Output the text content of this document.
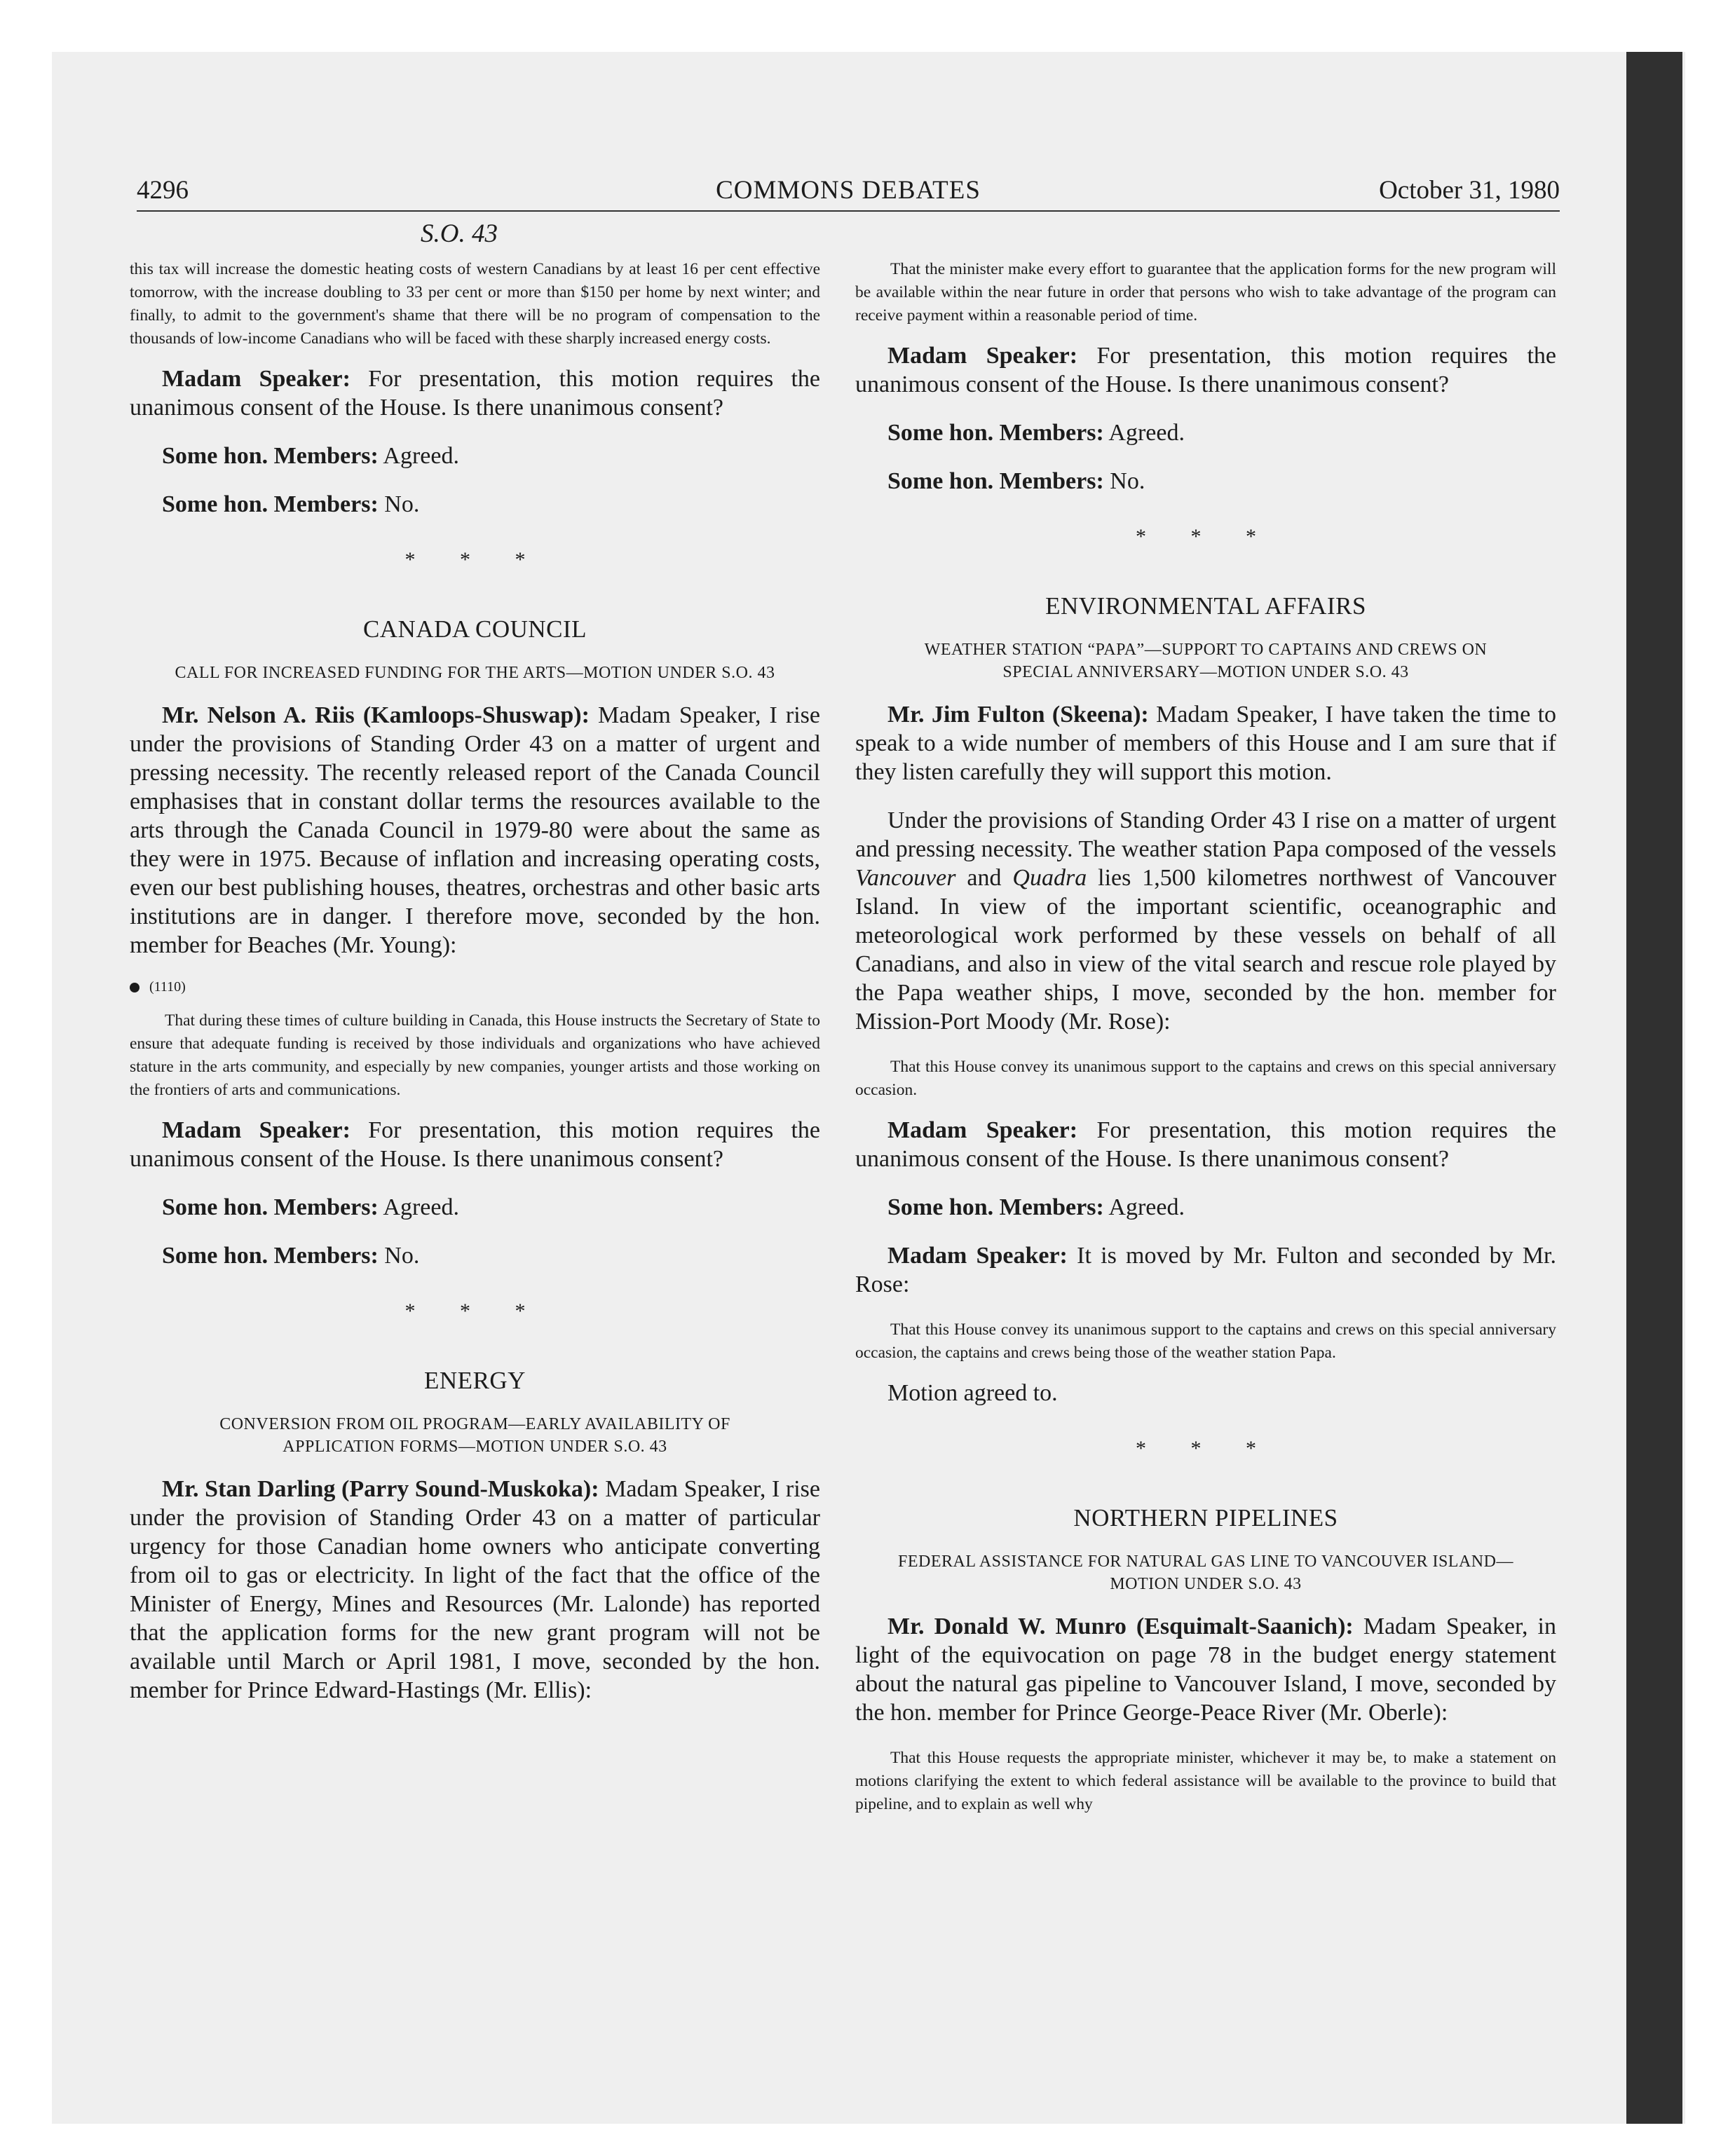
4296	COMMONS DEBATES	October 31, 1980
S.O. 43

this tax will increase the domestic heating costs of western Canadians by at least 16 per cent effective tomorrow, with the increase doubling to 33 per cent or more than $150 per home by next winter; and finally, to admit to the government's shame that there will be no program of compensation to the thousands of low-income Canadians who will be faced with these sharply increased energy costs.

Madam Speaker: For presentation, this motion requires the unanimous consent of the House. Is there unanimous consent?

Some hon. Members: Agreed.

Some hon. Members: No.

* * *
CANADA COUNCIL
CALL FOR INCREASED FUNDING FOR THE ARTS—MOTION UNDER S.O. 43

Mr. Nelson A. Riis (Kamloops-Shuswap): Madam Speaker, I rise under the provisions of Standing Order 43 on a matter of urgent and pressing necessity. The recently released report of the Canada Council emphasises that in constant dollar terms the resources available to the arts through the Canada Council in 1979-80 were about the same as they were in 1975. Because of inflation and increasing operating costs, even our best publishing houses, theatres, orchestras and other basic arts institutions are in danger. I therefore move, seconded by the hon. member for Beaches (Mr. Young):

(1110)

That during these times of culture building in Canada, this House instructs the Secretary of State to ensure that adequate funding is received by those individuals and organizations who have achieved stature in the arts community, and especially by new companies, younger artists and those working on the frontiers of arts and communications.

Madam Speaker: For presentation, this motion requires the unanimous consent of the House. Is there unanimous consent?

Some hon. Members: Agreed.

Some hon. Members: No.

* * *
ENERGY
CONVERSION FROM OIL PROGRAM—EARLY AVAILABILITY OF APPLICATION FORMS—MOTION UNDER S.O. 43

Mr. Stan Darling (Parry Sound-Muskoka): Madam Speaker, I rise under the provision of Standing Order 43 on a matter of particular urgency for those Canadian home owners who anticipate converting from oil to gas or electricity. In light of the fact that the office of the Minister of Energy, Mines and Resources (Mr. Lalonde) has reported that the application forms for the new grant program will not be available until March or April 1981, I move, seconded by the hon. member for Prince Edward-Hastings (Mr. Ellis):

That the minister make every effort to guarantee that the application forms for the new program will be available within the near future in order that persons who wish to take advantage of the program can receive payment within a reasonable period of time.

Madam Speaker: For presentation, this motion requires the unanimous consent of the House. Is there unanimous consent?

Some hon. Members: Agreed.

Some hon. Members: No.

* * *
ENVIRONMENTAL AFFAIRS
WEATHER STATION “PAPA”—SUPPORT TO CAPTAINS AND CREWS ON SPECIAL ANNIVERSARY—MOTION UNDER S.O. 43

Mr. Jim Fulton (Skeena): Madam Speaker, I have taken the time to speak to a wide number of members of this House and I am sure that if they listen carefully they will support this motion.

Under the provisions of Standing Order 43 I rise on a matter of urgent and pressing necessity. The weather station Papa composed of the vessels Vancouver and Quadra lies 1,500 kilometres northwest of Vancouver Island. In view of the important scientific, oceanographic and meteorological work performed by these vessels on behalf of all Canadians, and also in view of the vital search and rescue role played by the Papa weather ships, I move, seconded by the hon. member for Mission-Port Moody (Mr. Rose):

That this House convey its unanimous support to the captains and crews on this special anniversary occasion.

Madam Speaker: For presentation, this motion requires the unanimous consent of the House. Is there unanimous consent?

Some hon. Members: Agreed.

Madam Speaker: It is moved by Mr. Fulton and seconded by Mr. Rose:

That this House convey its unanimous support to the captains and crews on this special anniversary occasion, the captains and crews being those of the weather station Papa.

Motion agreed to.

* * *
NORTHERN PIPELINES
FEDERAL ASSISTANCE FOR NATURAL GAS LINE TO VANCOUVER ISLAND—MOTION UNDER S.O. 43

Mr. Donald W. Munro (Esquimalt-Saanich): Madam Speaker, in light of the equivocation on page 78 in the budget energy statement about the natural gas pipeline to Vancouver Island, I move, seconded by the hon. member for Prince George-Peace River (Mr. Oberle):

That this House requests the appropriate minister, whichever it may be, to make a statement on motions clarifying the extent to which federal assistance will be available to the province to build that pipeline, and to explain as well why
